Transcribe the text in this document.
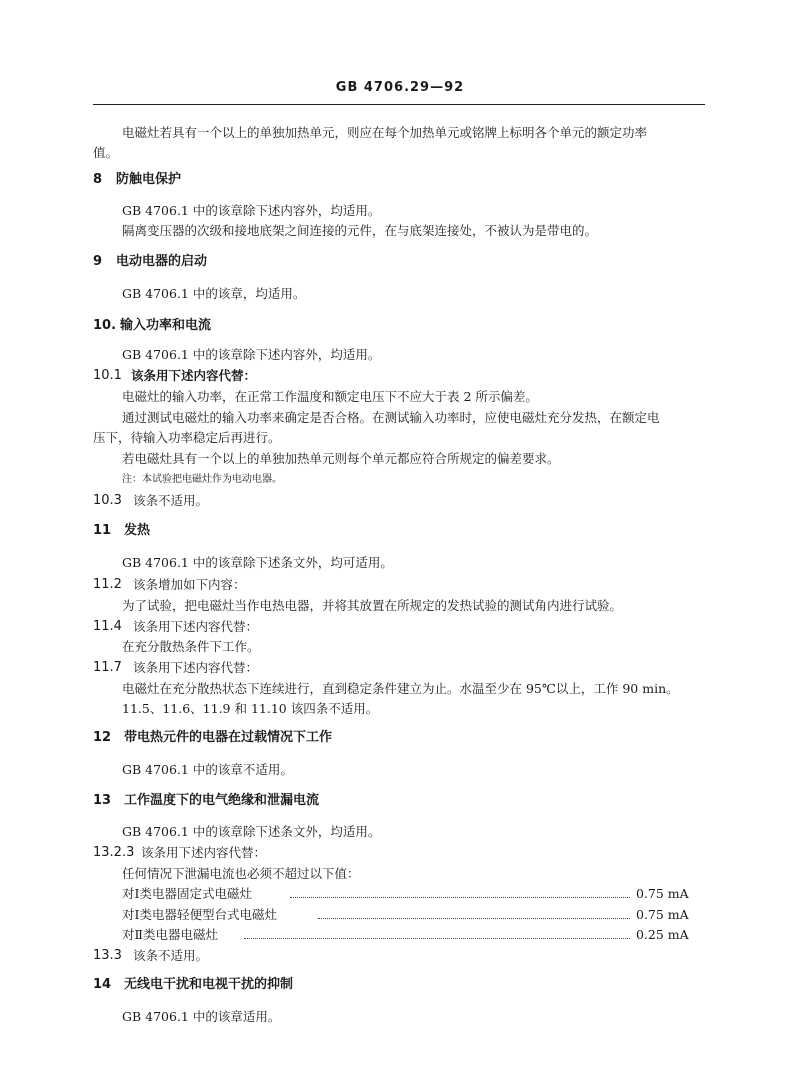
GB 4706.29—92
电磁灶若具有一个以上的单独加热单元，则应在每个加热单元或铭牌上标明各个单元的额定功率
值。
8 防触电保护
GB 4706.1 中的该章除下述内容外，均适用。
隔离变压器的次级和接地底架之间连接的元件，在与底架连接处，不被认为是带电的。
9 电动电器的启动
GB 4706.1 中的该章，均适用。
10. 输入功率和电流
GB 4706.1 中的该章除下述内容外，均适用。
10.1 该条用下述内容代替：
电磁灶的输入功率，在正常工作温度和额定电压下不应大于表 2 所示偏差。
通过测试电磁灶的输入功率来确定是否合格。在测试输入功率时，应使电磁灶充分发热，在额定电
压下，待输入功率稳定后再进行。
若电磁灶具有一个以上的单独加热单元则每个单元都应符合所规定的偏差要求。
注：本试验把电磁灶作为电动电器。
10.3 该条不适用。
11 发热
GB 4706.1 中的该章除下述条文外，均可适用。
11.2 该条增加如下内容：
为了试验，把电磁灶当作电热电器，并将其放置在所规定的发热试验的测试角内进行试验。
11.4 该条用下述内容代替：
在充分散热条件下工作。
11.7 该条用下述内容代替：
电磁灶在充分散热状态下连续进行，直到稳定条件建立为止。水温至少在 95℃以上，工作 90 min。
11.5、11.6、11.9 和 11.10 该四条不适用。
12 带电热元件的电器在过载情况下工作
GB 4706.1 中的该章不适用。
13 工作温度下的电气绝缘和泄漏电流
GB 4706.1 中的该章除下述条文外，均适用。
13.2.3 该条用下述内容代替：
任何情况下泄漏电流也必须不超过以下值：
对Ⅰ类电器固定式电磁灶	0.75 mA
对Ⅰ类电器轻便型台式电磁灶	0.75 mA
对Ⅱ类电器电磁灶	0.25 mA
13.3 该条不适用。
14 无线电干扰和电视干扰的抑制
GB 4706.1 中的该章适用。
